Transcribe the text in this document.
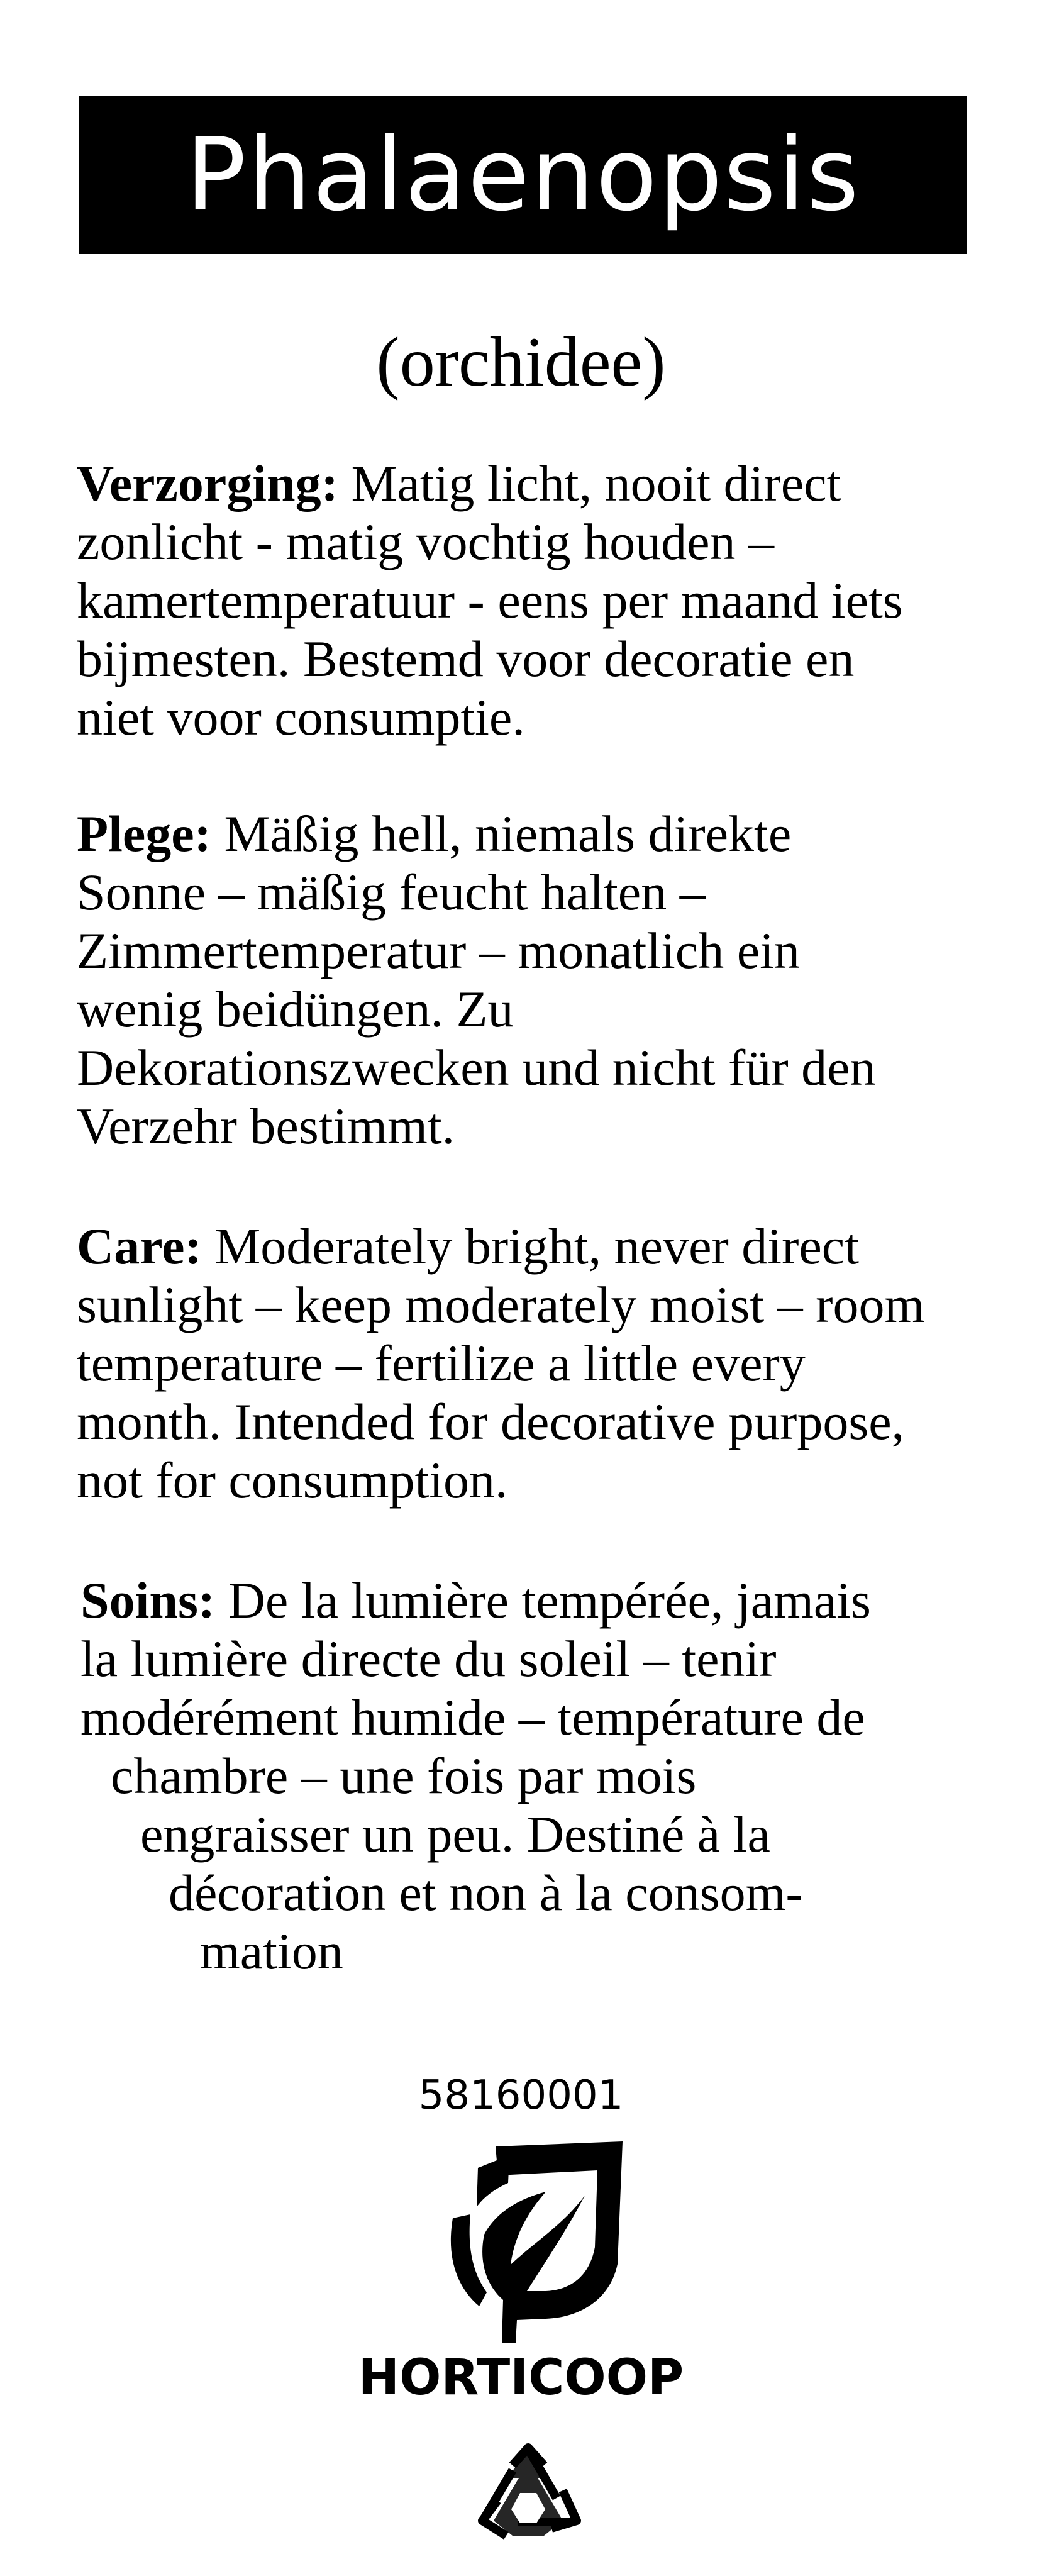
Phalaenopsis
(orchidee)

Verzorging: Matig licht, nooit direct
zonlicht - matig vochtig houden –
kamertemperatuur - eens per maand iets
bijmesten. Bestemd voor decoratie en
niet voor consumptie.

Plege: Mäßig hell, niemals direkte
Sonne – mäßig feucht halten –
Zimmertemperatur – monatlich ein
wenig beidüngen. Zu
Dekorationszwecken und nicht für den
Verzehr bestimmt.

Care: Moderately bright, never direct
sunlight – keep moderately moist – room
temperature – fertilize a little every
month. Intended for decorative purpose,
not for consumption.

Soins: De la lumière tempérée, jamais
la lumière directe du soleil – tenir
modérément humide – température de
chambre – une fois par mois
engraisser un peu. Destiné à la
décoration et non à la consom-
mation

58160001
HORTICOOP
